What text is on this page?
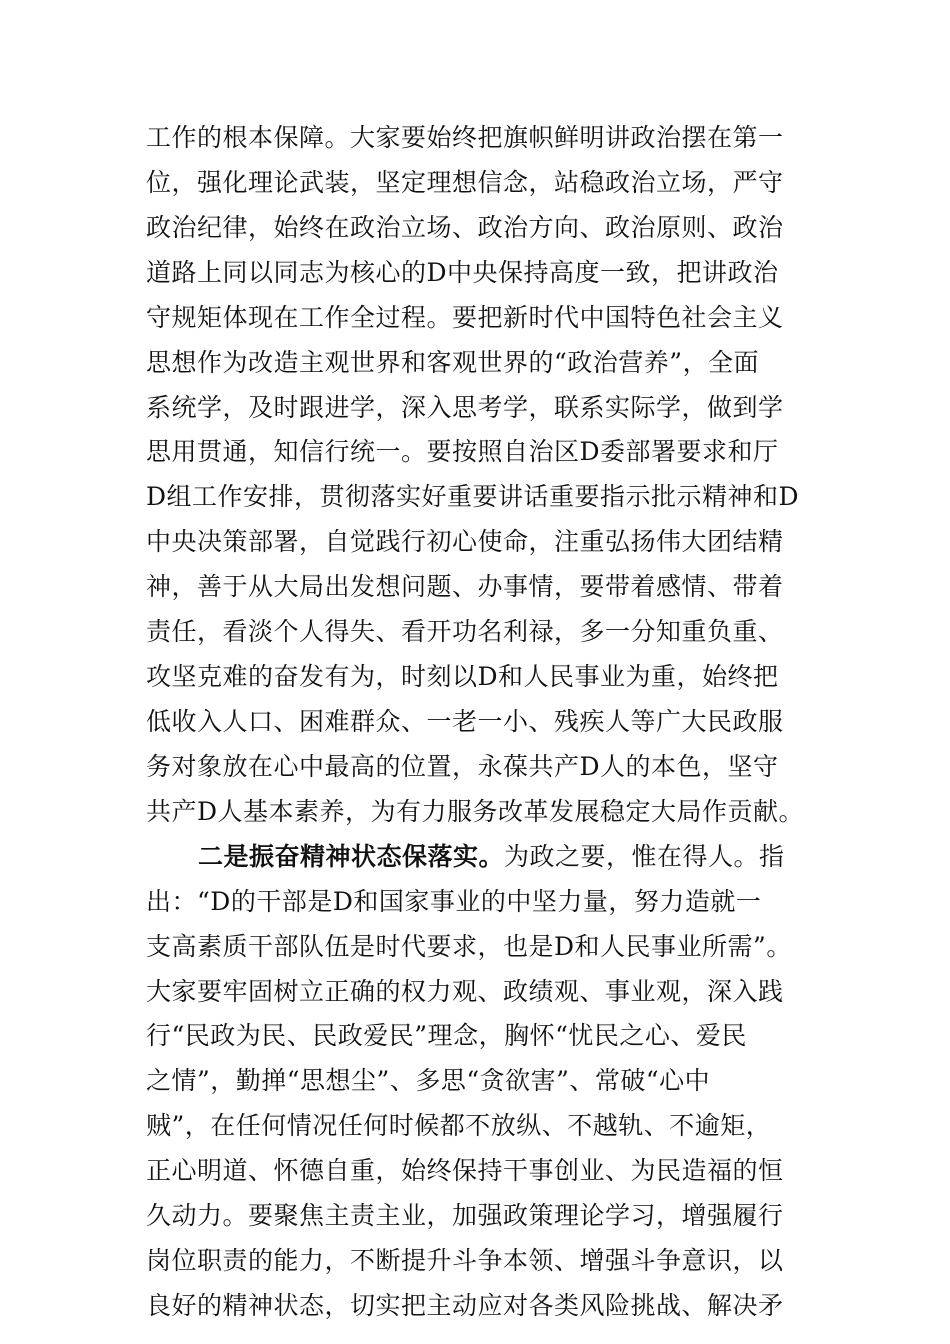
工作的根本保障。大家要始终把旗帜鲜明讲政治摆在第一
位，强化理论武装，坚定理想信念，站稳政治立场，严守
政治纪律，始终在政治立场、政治方向、政治原则、政治
道路上同以同志为核心的D中央保持高度一致，把讲政治
守规矩体现在工作全过程。要把新时代中国特色社会主义
思想作为改造主观世界和客观世界的“政治营养”，全面
系统学，及时跟进学，深入思考学，联系实际学，做到学
思用贯通，知信行统一。要按照自治区D委部署要求和厅
D组工作安排，贯彻落实好重要讲话重要指示批示精神和D
中央决策部署，自觉践行初心使命，注重弘扬伟大团结精
神，善于从大局出发想问题、办事情，要带着感情、带着
责任，看淡个人得失、看开功名利禄，多一分知重负重、
攻坚克难的奋发有为，时刻以D和人民事业为重，始终把
低收入人口、困难群众、一老一小、残疾人等广大民政服
务对象放在心中最高的位置，永葆共产D人的本色，坚守
共产D人基本素养，为有力服务改革发展稳定大局作贡献。
二是振奋精神状态保落实。为政之要，惟在得人。指
出：“D的干部是D和国家事业的中坚力量，努力造就一
支高素质干部队伍是时代要求，也是D和人民事业所需”。
大家要牢固树立正确的权力观、政绩观、事业观，深入践
行“民政为民、民政爱民”理念，胸怀“忧民之心、爱民
之情”，勤掸“思想尘”、多思“贪欲害”、常破“心中
贼”，在任何情况任何时候都不放纵、不越轨、不逾矩，
正心明道、怀德自重，始终保持干事创业、为民造福的恒
久动力。要聚焦主责主业，加强政策理论学习，增强履行
岗位职责的能力，不断提升斗争本领、增强斗争意识，以
良好的精神状态，切实把主动应对各类风险挑战、解决矛
